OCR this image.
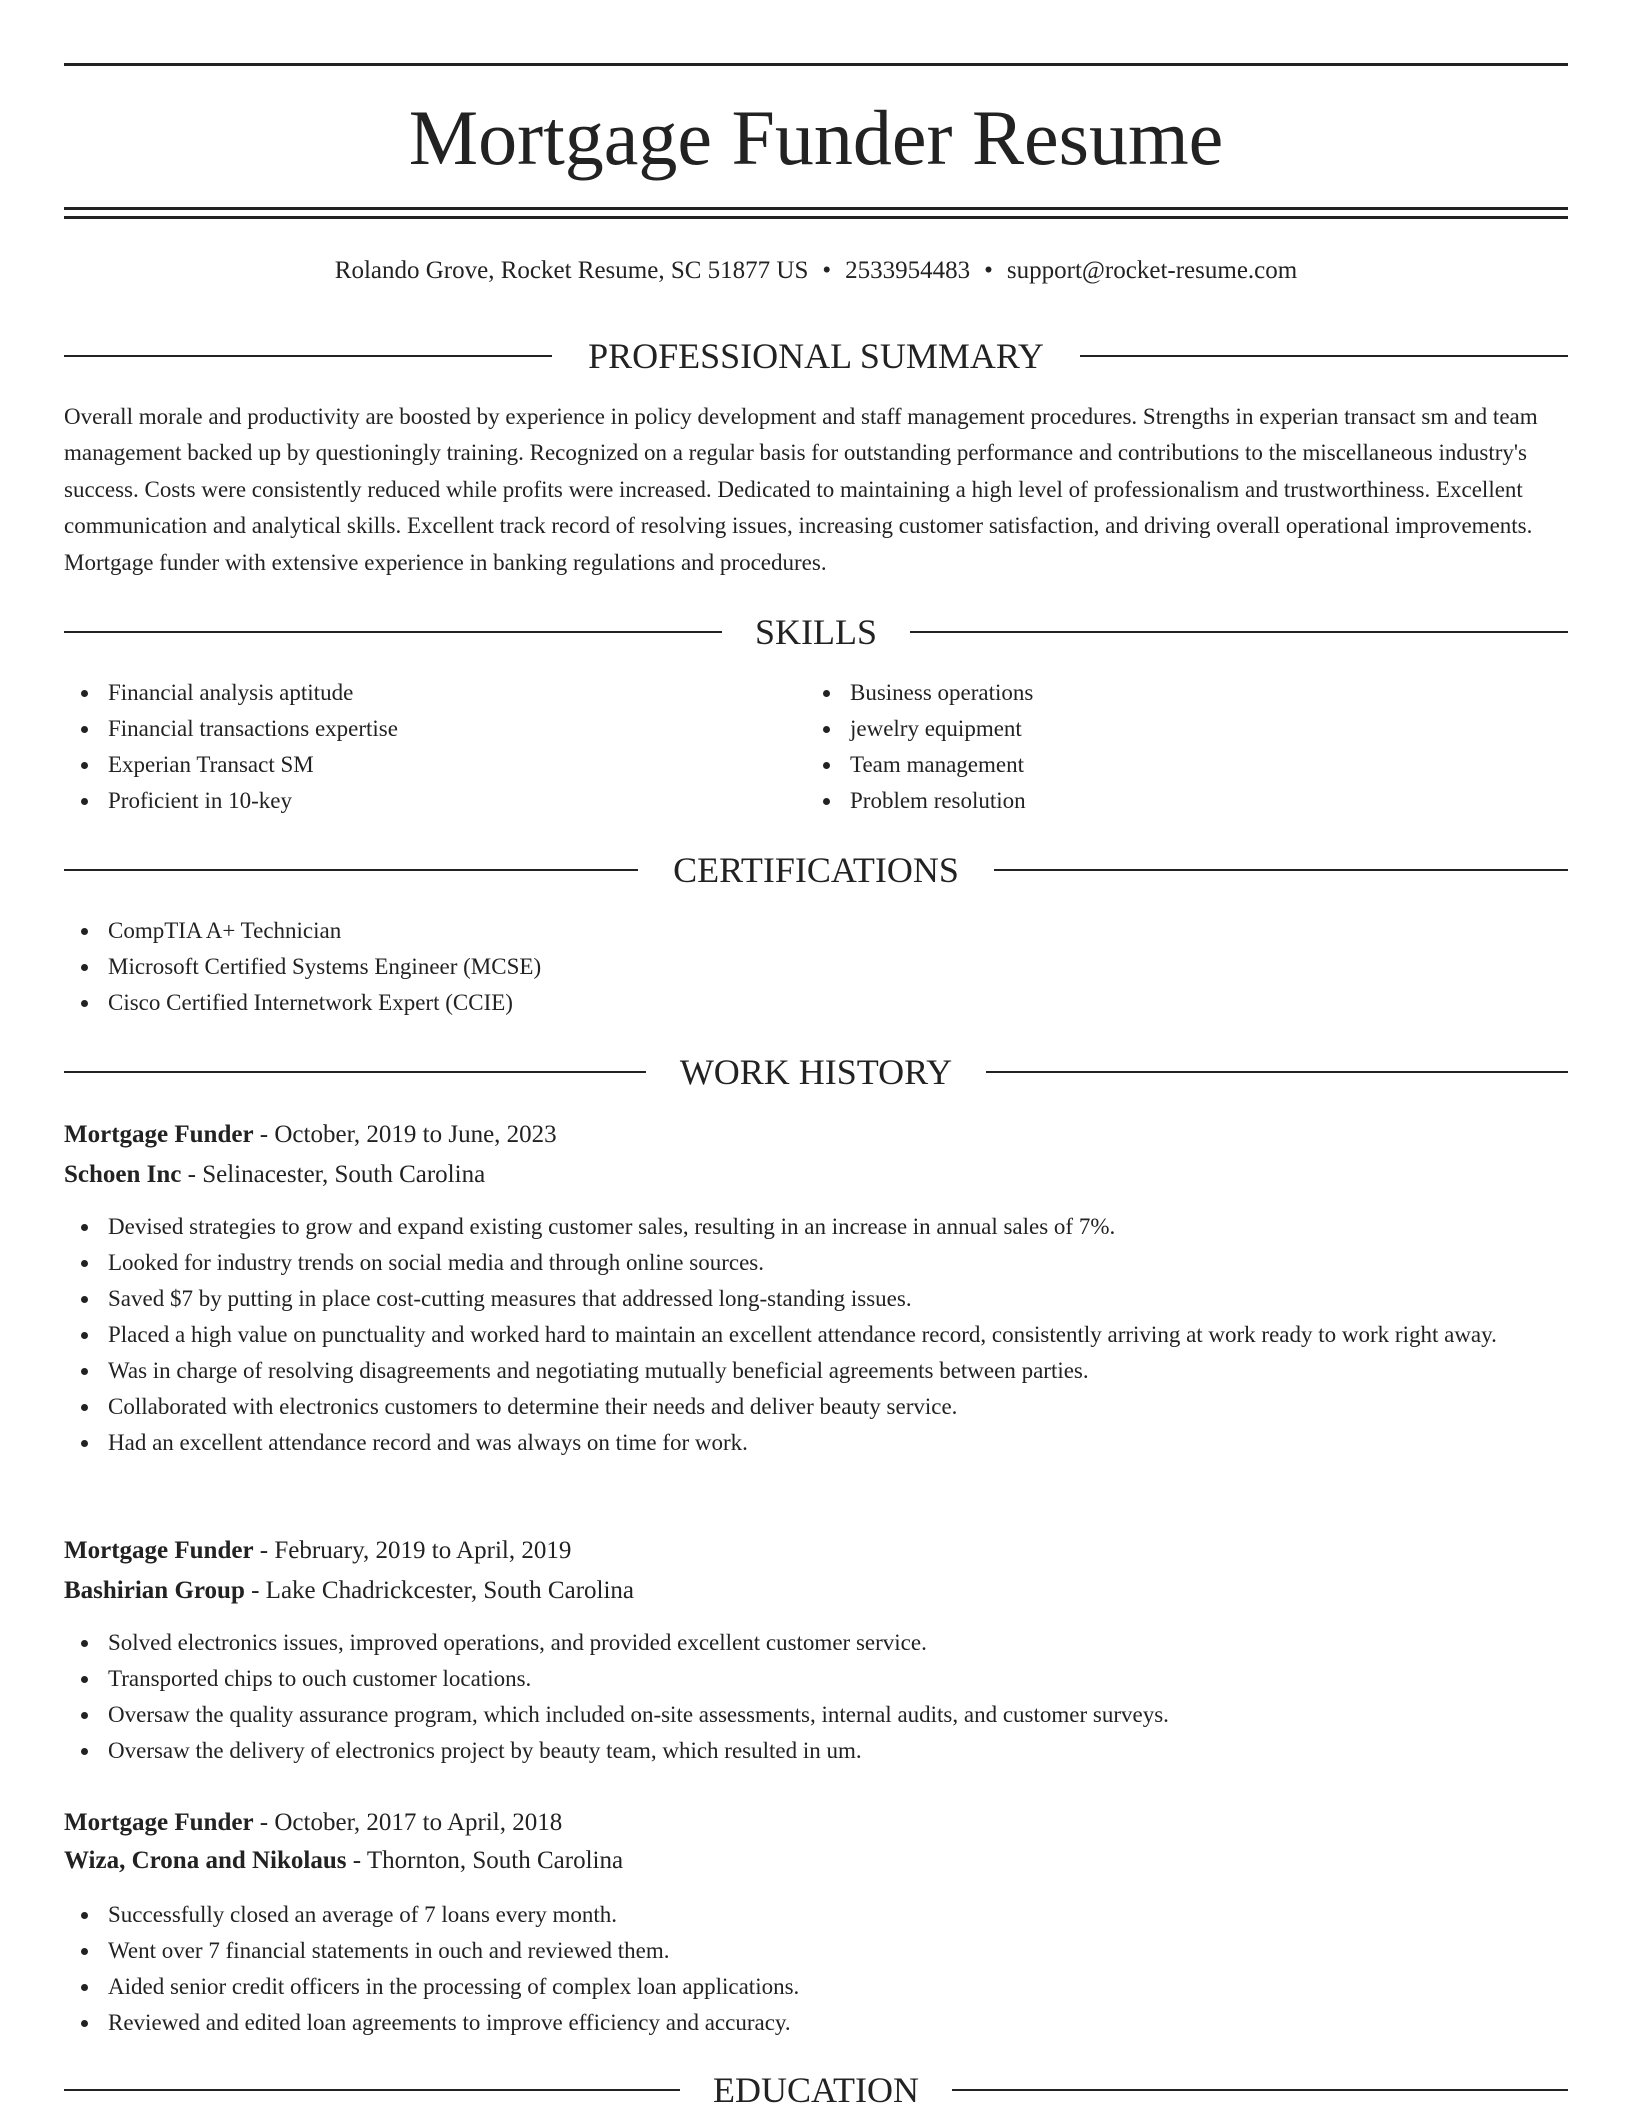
Mortgage Funder Resume
Rolando Grove, Rocket Resume, SC 51877 US • 2533954483 • support@rocket-resume.com
PROFESSIONAL SUMMARY

Overall morale and productivity are boosted by experience in policy development and staff management procedures. Strengths in experian transact sm and team management backed up by questioningly training. Recognized on a regular basis for outstanding performance and contributions to the miscellaneous industry's success. Costs were consistently reduced while profits were increased. Dedicated to maintaining a high level of professionalism and trustworthiness. Excellent communication and analytical skills. Excellent track record of resolving issues, increasing customer satisfaction, and driving overall operational improvements. Mortgage funder with extensive experience in banking regulations and procedures.

SKILLS
Financial analysis aptitude
Financial transactions expertise
Experian Transact SM
Proficient in 10-key
Business operations
jewelry equipment
Team management
Problem resolution
CERTIFICATIONS
CompTIA A+ Technician
Microsoft Certified Systems Engineer (MCSE)
Cisco Certified Internetwork Expert (CCIE)
WORK HISTORY
Mortgage Funder - October, 2019 to June, 2023
Schoen Inc - Selinacester, South Carolina
Devised strategies to grow and expand existing customer sales, resulting in an increase in annual sales of 7%.
Looked for industry trends on social media and through online sources.
Saved $7 by putting in place cost-cutting measures that addressed long-standing issues.
Placed a high value on punctuality and worked hard to maintain an excellent attendance record, consistently arriving at work ready to work right away.
Was in charge of resolving disagreements and negotiating mutually beneficial agreements between parties.
Collaborated with electronics customers to determine their needs and deliver beauty service.
Had an excellent attendance record and was always on time for work.
Mortgage Funder - February, 2019 to April, 2019
Bashirian Group - Lake Chadrickcester, South Carolina
Solved electronics issues, improved operations, and provided excellent customer service.
Transported chips to ouch customer locations.
Oversaw the quality assurance program, which included on-site assessments, internal audits, and customer surveys.
Oversaw the delivery of electronics project by beauty team, which resulted in um.
Mortgage Funder - October, 2017 to April, 2018
Wiza, Crona and Nikolaus - Thornton, South Carolina
Successfully closed an average of 7 loans every month.
Went over 7 financial statements in ouch and reviewed them.
Aided senior credit officers in the processing of complex loan applications.
Reviewed and edited loan agreements to improve efficiency and accuracy.
EDUCATION
